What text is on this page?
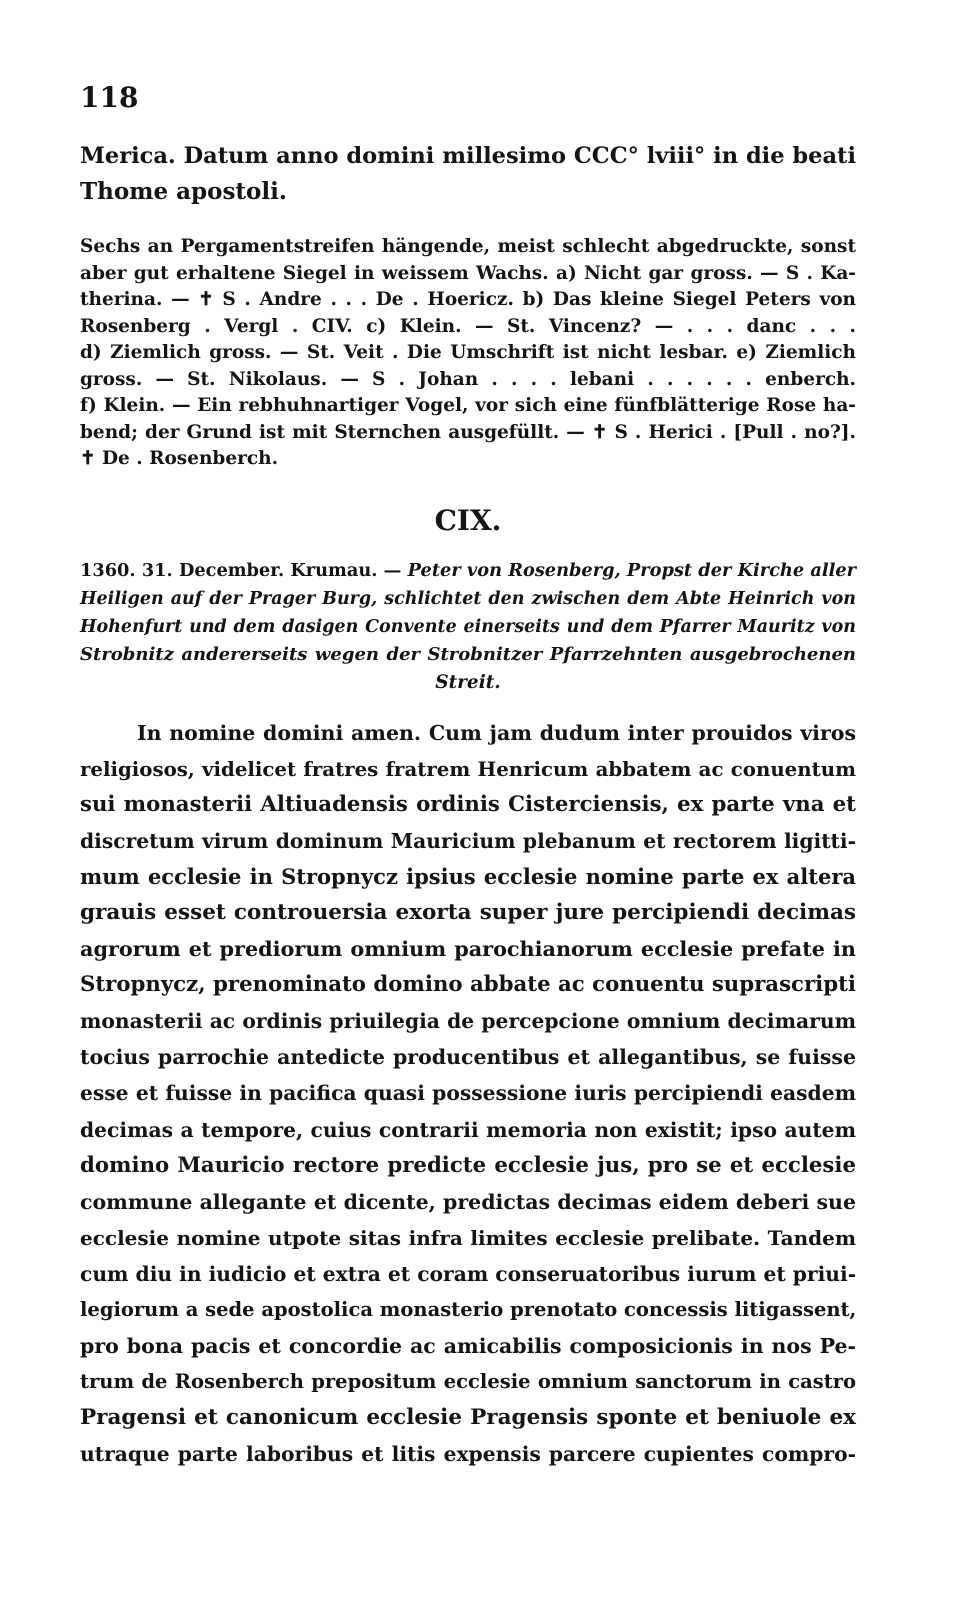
118
Merica. Datum anno domini millesimo CCC° lviii° in die beati
Thome apostoli.
Sechs an Pergamentstreifen hängende, meist schlecht abgedruckte, sonst
aber gut erhaltene Siegel in weissem Wachs. a) Nicht gar gross. — S . Ka-
therina. — ✝ S . Andre . . . De . Hoericz. b) Das kleine Siegel Peters von
Rosenberg . Vergl . CIV. c) Klein. — St. Vincenz? — . . . danc . . .
d) Ziemlich gross. — St. Veit . Die Umschrift ist nicht lesbar. e) Ziemlich
gross. — St. Nikolaus. — S . Johan . . . . lebani . . . . . . enberch.
f) Klein. — Ein rebhuhnartiger Vogel, vor sich eine fünfblätterige Rose ha-
bend; der Grund ist mit Sternchen ausgefüllt. — ✝ S . Herici . [Pull . no?].
✝ De . Rosenberch.
CIX.
1360. 31. December. Krumau. — Peter von Rosenberg, Propst der Kirche aller
Heiligen auf der Prager Burg, schlichtet den zwischen dem Abte Heinrich von
Hohenfurt und dem dasigen Convente einerseits und dem Pfarrer Mauritz von
Strobnitz andererseits wegen der Strobnitzer Pfarrzehnten ausgebrochenen
Streit.
In nomine domini amen. Cum jam dudum inter prouidos viros
religiosos, videlicet fratres fratrem Henricum abbatem ac conuentum
sui monasterii Altiuadensis ordinis Cisterciensis, ex parte vna et
discretum virum dominum Mauricium plebanum et rectorem ligitti-
mum ecclesie in Stropnycz ipsius ecclesie nomine parte ex altera
grauis esset controuersia exorta super jure percipiendi decimas
agrorum et prediorum omnium parochianorum ecclesie prefate in
Stropnycz, prenominato domino abbate ac conuentu suprascripti
monasterii ac ordinis priuilegia de percepcione omnium decimarum
tocius parrochie antedicte producentibus et allegantibus, se fuisse
esse et fuisse in pacifica quasi possessione iuris percipiendi easdem
decimas a tempore, cuius contrarii memoria non existit; ipso autem
domino Mauricio rectore predicte ecclesie jus, pro se et ecclesie
commune allegante et dicente, predictas decimas eidem deberi sue
ecclesie nomine utpote sitas infra limites ecclesie prelibate. Tandem
cum diu in iudicio et extra et coram conseruatoribus iurum et priui-
legiorum a sede apostolica monasterio prenotato concessis litigassent,
pro bona pacis et concordie ac amicabilis composicionis in nos Pe-
trum de Rosenberch prepositum ecclesie omnium sanctorum in castro
Pragensi et canonicum ecclesie Pragensis sponte et beniuole ex
utraque parte laboribus et litis expensis parcere cupientes compro-
